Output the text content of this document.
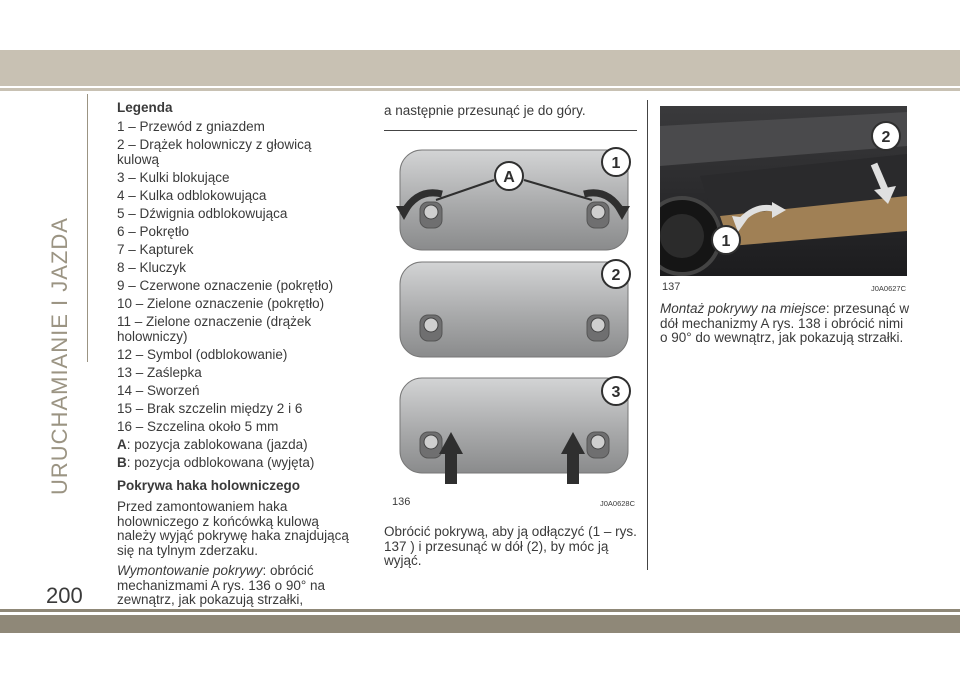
URUCHAMIANIE I JAZDA
Legenda
1 – Przewód z gniazdem
2 – Drążek holowniczy z głowicą kulową
3 – Kulki blokujące
4 – Kulka odblokowująca
5 – Dźwignia odblokowująca
6 – Pokrętło
7 – Kapturek
8 – Kluczyk
9 – Czerwone oznaczenie (pokrętło)
10 – Zielone oznaczenie (pokrętło)
11 – Zielone oznaczenie (drążek holowniczy)
12 – Symbol (odblokowanie)
13 – Zaślepka
14 – Sworzeń
15 – Brak szczelin między 2 i 6
16 – Szczelina około 5 mm
A: pozycja zablokowana (jazda)
B: pozycja odblokowana (wyjęta)
Pokrywa haka holowniczego

Przed zamontowaniem haka holowniczego z końcówką kulową należy wyjąć pokrywę haka znajdującą się na tylnym zderzaku.

Wymontowanie pokrywy: obrócić mechanizmami A rys. 136 o 90° na zewnątrz, jak pokazują strzałki,

a następnie przesunąć je do góry.

A
1
2
3
136	J0A0628C

Obrócić pokrywą, aby ją odłączyć (1 – rys. 137 ) i przesunąć w dół (2), by móc ją wyjąć.

2
1
137	J0A0627C

Montaż pokrywy na miejsce: przesunąć w dół mechanizmy A rys. 138 i obrócić nimi o 90° do wewnątrz, jak pokazują strzałki.

200
